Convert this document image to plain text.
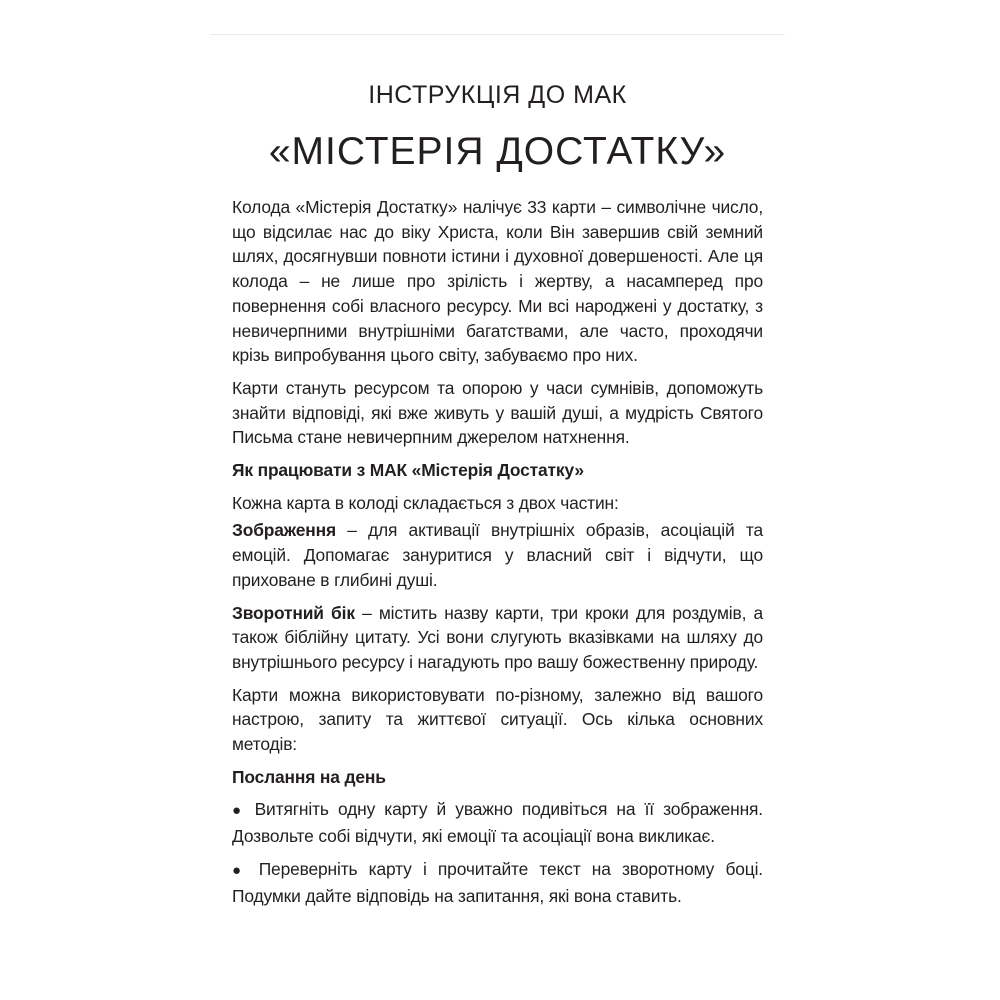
ІНСТРУКЦІЯ ДО МАК
«МІСТЕРІЯ ДОСТАТКУ»

Колода «Містерія Достатку» налічує 33 карти – символічне число, що відсилає нас до віку Христа, коли Він завершив свій земний шлях, досягнувши повноти істини і духовної довершеності. Але ця колода – не лише про зрілість і жертву, а насамперед про повернення собі власного ресурсу. Ми всі народжені у достатку, з невичерпними внутрішніми багатствами, але часто, проходячи крізь випробування цього світу, забуваємо про них.

Карти стануть ресурсом та опорою у часи сумнівів, допоможуть знайти відповіді, які вже живуть у вашій душі, а мудрість Святого Письма стане невичерпним джерелом натхнення.

Як працювати з МАК «Містерія Достатку»

Кожна карта в колоді складається з двох частин:

Зображення – для активації внутрішніх образів, асоціацій та емоцій. Допомагає зануритися у власний світ і відчути, що приховане в глибині душі.

Зворотний бік – містить назву карти, три кроки для роздумів, а також біблійну цитату. Усі вони слугують вказівками на шляху до внутрішнього ресурсу і нагадують про вашу божественну природу.

Карти можна використовувати по-різному, залежно від вашого настрою, запиту та життєвої ситуації. Ось кілька основних методів:

Послання на день

● Витягніть одну карту й уважно подивіться на її зображення. Дозвольте собі відчути, які емоції та асоціації вона викликає.

● Переверніть карту і прочитайте текст на зворотному боці. Подумки дайте відповідь на запитання, які вона ставить.
